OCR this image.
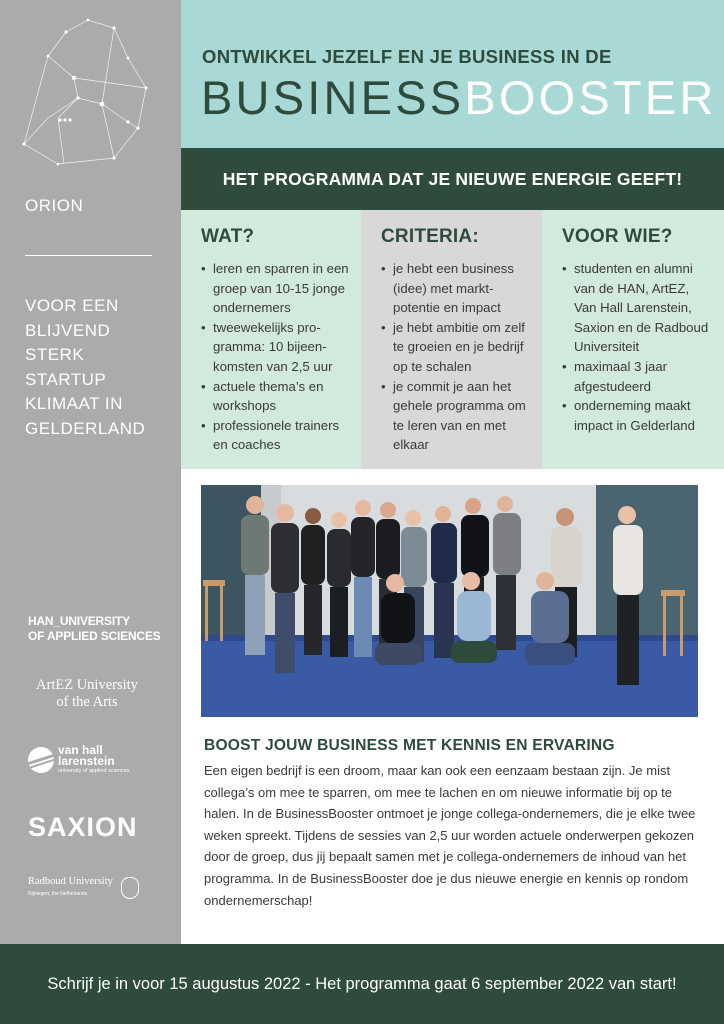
ORION
VOOR EEN
BLIJVEND
STERK
STARTUP
KLIMAAT IN
GELDERLAND
HAN_UNIVERSITY
OF APPLIED SCIENCES
ArtEZ University
of the Arts
van hall
larenstein
university of applied sciences
SAXION
Radboud University
Nijmegen, the Netherlands
ONTWIKKEL JEZELF EN JE BUSINESS IN DE
BUSINESSBOOSTER
HET PROGRAMMA DAT JE NIEUWE ENERGIE GEEFT!
WAT?
• leren en sparren in een groep van 10-15 jonge ondernemers
• tweewekelijks pro-gramma: 10 bijeen-komsten van 2,5 uur
• actuele thema’s en workshops
• professionele trainers en coaches
CRITERIA:
• je hebt een business (idee) met markt-potentie en impact
• je hebt ambitie om zelf te groeien en je bedrijf op te schalen
• je commit je aan het gehele programma om te leren van en met elkaar
VOOR WIE?
• studenten en alumni van de HAN, ArtEZ, Van Hall Larenstein, Saxion en de Radboud Universiteit
• maximaal 3 jaar afgestudeerd
• onderneming maakt impact in Gelderland
BOOST JOUW BUSINESS MET KENNIS EN ERVARING

Een eigen bedrijf is een droom, maar kan ook een eenzaam bestaan zijn. Je mist collega’s om mee te sparren, om mee te lachen en om nieuwe informatie bij op te halen. In de BusinessBooster ontmoet je jonge collega-ondernemers, die je elke twee weken spreekt. Tijdens de sessies van 2,5 uur worden actuele onderwerpen gekozen door de groep, dus jij bepaalt samen met je collega-ondernemers de inhoud van het programma. In de BusinessBooster doe je dus nieuwe energie en kennis op rondom ondernemerschap!

Schrijf je in voor 15 augustus 2022 - Het programma gaat 6 september 2022 van start!
